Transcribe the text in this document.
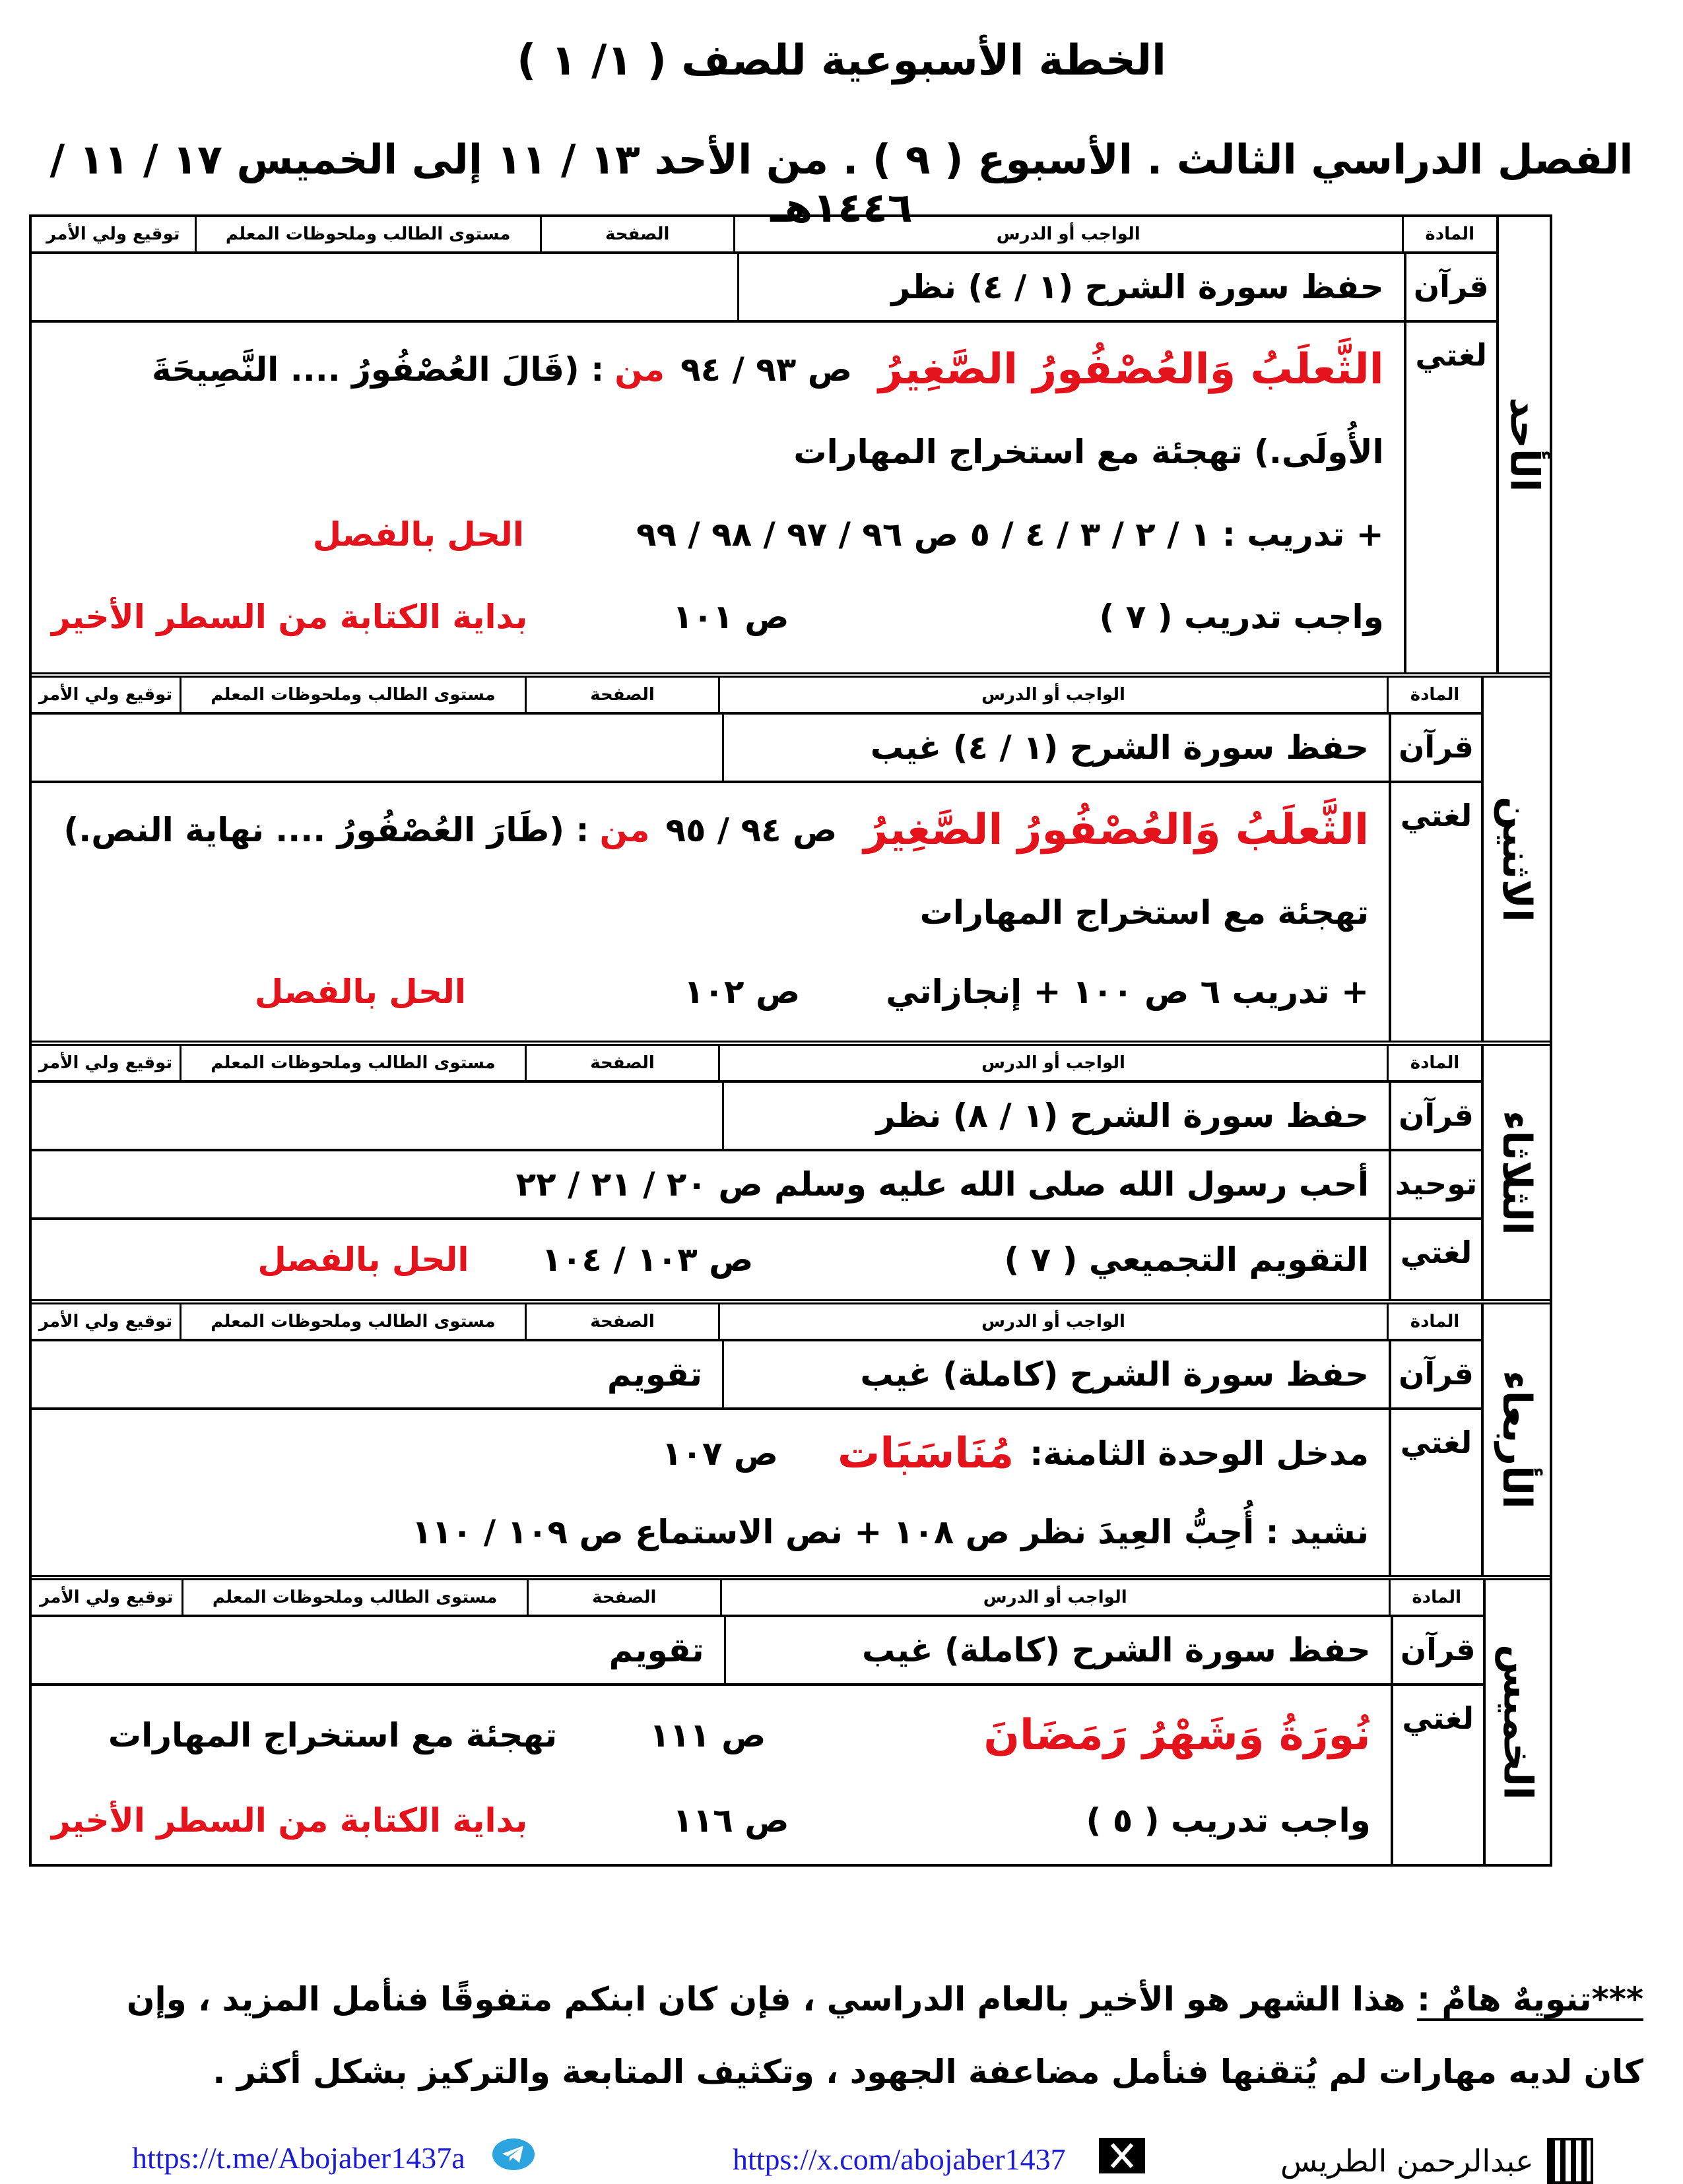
الخطة الأسبوعية للصف ( ١/ ١ )
الفصل الدراسي الثالث . الأسبوع ( ٩ ) . من الأحد ١٣ / ١١ إلى الخميس ١٧ / ١١ / ١٤٤٦هـ
الأحد
المادة
الواجب أو الدرس
الصفحة
مستوى الطالب وملحوظات المعلم
توقيع ولي الأمر
قرآن
حفظ سورة الشرح (١ / ٤) نظر
لغتي
الثَّعلَبُ وَالعُصْفُورُ الصَّغِيرُ
ص ٩٣ / ٩٤
من
: (قَالَ العُصْفُورُ .... النَّصِيحَةَ
الأُولَى.) تهجئة مع استخراج المهارات
+ تدريب : ١ / ٢ / ٣ / ٤ / ٥ ص ٩٦ / ٩٧ / ٩٨ / ٩٩
الحل بالفصل
واجب تدريب ( ٧ )
ص ١٠١
بداية الكتابة من السطر الأخير
الاثنين
المادة
الواجب أو الدرس
الصفحة
مستوى الطالب وملحوظات المعلم
توقيع ولي الأمر
قرآن
حفظ سورة الشرح (١ / ٤) غيب
لغتي
الثَّعلَبُ وَالعُصْفُورُ الصَّغِيرُ
ص ٩٤ / ٩٥
من
: (طَارَ العُصْفُورُ .... نهاية النص.)
تهجئة مع استخراج المهارات
+ تدريب ٦ ص ١٠٠ + إنجازاتي
ص ١٠٢
الحل بالفصل
الثلاثاء
المادة
الواجب أو الدرس
الصفحة
مستوى الطالب وملحوظات المعلم
توقيع ولي الأمر
قرآن
حفظ سورة الشرح (١ / ٨) نظر
توحيد
أحب رسول الله صلى الله عليه وسلم ص ٢٠ / ٢١ / ٢٢
لغتي
التقويم التجميعي ( ٧ )
ص ١٠٣ / ١٠٤
الحل بالفصل
الأربعاء
المادة
الواجب أو الدرس
الصفحة
مستوى الطالب وملحوظات المعلم
توقيع ولي الأمر
قرآن
حفظ سورة الشرح (كاملة) غيب
تقويم
لغتي
مدخل الوحدة الثامنة:
مُنَاسَبَات
ص ١٠٧
نشيد : أُحِبُّ العِيدَ نظر ص ١٠٨ + نص الاستماع ص ١٠٩ / ١١٠
الخميس
المادة
الواجب أو الدرس
الصفحة
مستوى الطالب وملحوظات المعلم
توقيع ولي الأمر
قرآن
حفظ سورة الشرح (كاملة) غيب
تقويم
لغتي
نُورَةُ وَشَهْرُ رَمَضَانَ
ص ١١١
تهجئة مع استخراج المهارات
واجب تدريب ( ٥ )
ص ١١٦
بداية الكتابة من السطر الأخير
***تنويهٌ هامٌ : هذا الشهر هو الأخير بالعام الدراسي ، فإن كان ابنكم متفوقًا فنأمل المزيد ، وإن كان لديه مهارات لم يُتقنها فنأمل مضاعفة الجهود ، وتكثيف المتابعة والتركيز بشكل أكثر .
https://t.me/Abojaber1437a	https://x.com/abojaber1437	عبدالرحمن الطريس
